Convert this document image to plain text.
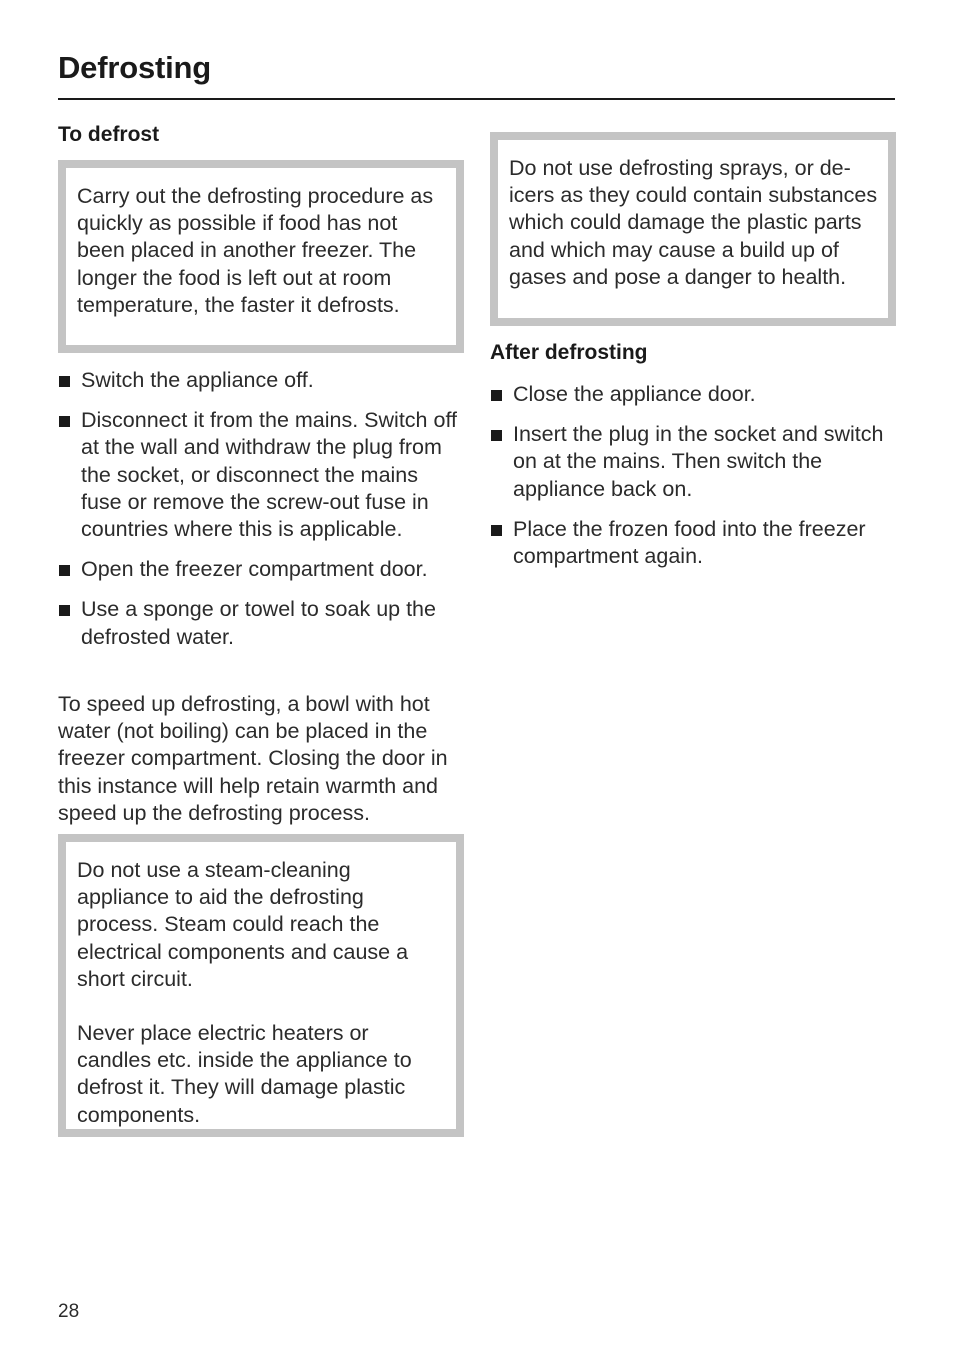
Defrosting
To defrost

Carry out the defrosting procedure as quickly as possible if food has not been placed in another freezer. The longer the food is left out at room temperature, the faster it defrosts.

Switch the appliance off.
Disconnect it from the mains. Switch off at the wall and withdraw the plug from the socket, or disconnect the mains fuse or remove the screw-out fuse in countries where this is applicable.
Open the freezer compartment door.
Use a sponge or towel to soak up the defrosted water.

To speed up defrosting, a bowl with hot water (not boiling) can be placed in the freezer compartment. Closing the door in this instance will help retain warmth and speed up the defrosting process.

Do not use a steam-cleaning appliance to aid the defrosting process. Steam could reach the electrical components and cause a short circuit.

Never place electric heaters or candles etc. inside the appliance to defrost it. They will damage plastic components.

Do not use defrosting sprays, or de-icers as they could contain substances which could damage the plastic parts and which may cause a build up of gases and pose a danger to health.

After defrosting
Close the appliance door.
Insert the plug in the socket and switch on at the mains. Then switch the appliance back on.
Place the frozen food into the freezer compartment again.
28
